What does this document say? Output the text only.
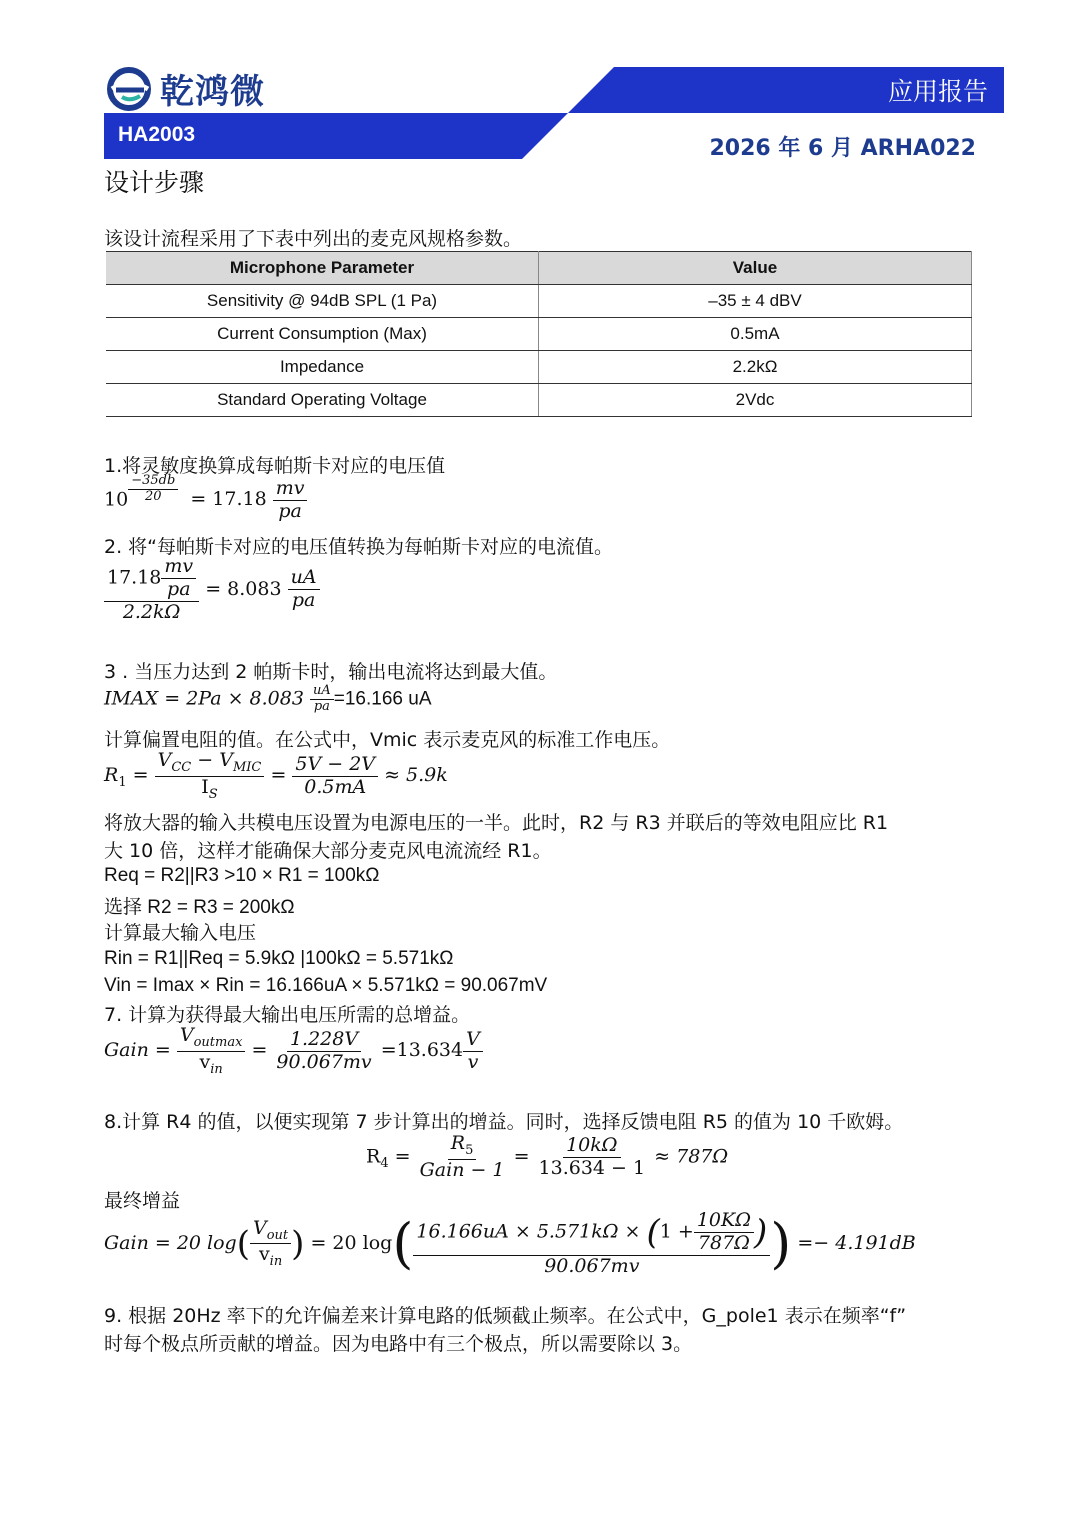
乾鸿微	应用报告
HA2003
2026 年 6 月 ARHA022
设计步骤
该设计流程采用了下表中列出的麦克风规格参数。
Microphone Parameter	Value
Sensitivity @ 94dB SPL (1 Pa)	–35 ± 4 dBV
Current Consumption (Max)	0.5mA
Impedance	2.2kΩ
Standard Operating Voltage	2Vdc
1.将灵敏度换算成每帕斯卡对应的电压值
$10 \frac{-35db}{20} = 17.18 \frac{mv}{pa}$
2. 将“每帕斯卡对应的电压值转换为每帕斯卡对应的电流值。
$\frac{17.18 \frac{mv}{pa}}{2.2k\Omega} = 8.083 \frac{uA}{pa}$
3 . 当压力达到 2 帕斯卡时，输出电流将达到最大值。
IMAX = $2Pa \times 8.083 \frac{uA}{pa} =16.166$ uA
计算偏置电阻的值。在公式中，Vmic 表示麦克风的标准工作电压。
$R_1 = \frac{V_{CC} - V_{MIC}}{I_S} = \frac{5V - 2V}{0.5mA} \approx 5.9k$
将放大器的输入共模电压设置为电源电压的一半。此时，R2 与 R3 并联后的等效电阻应比 R1
大 10 倍，这样才能确保大部分麦克风电流流经 R1。
Req = R2||R3 >10 × R1 = 100kΩ
选择 R2 = R3 = 200kΩ
计算最大输入电压
Rin = R1||Req = 5.9kΩ |100kΩ = 5.571kΩ
Vin = Imax × Rin = 16.166uA × 5.571kΩ = 90.067mV
7. 计算为获得最大输出电压所需的总增益。
Gain = $\frac{V_{outmax}}{v_{in}} = \frac{1.228V}{90.067mv} =13.634 \frac{V}{v}$
8.计算 R4 的值，以便实现第 7 步计算出的增益。同时，选择反馈电阻 R5 的值为 10 千欧姆。
$R_4 = \frac{R_5}{\text{Gain − 1}} = \frac{10k\Omega}{13.634 - 1} \approx 787\Omega$
最终增益
Gain = 20 $\log( \frac{V_{out}}{v_{in}}$ ) = 20 $\log( \frac{16.166uA \times 5.571k\Omega \times (1 + \frac{10K\Omega}{787\Omega} )}{90.067mv}$ ) =− 4.191dB
9. 根据 20Hz 率下的允许偏差来计算电路的低频截止频率。在公式中，G_pole1 表示在频率“f”
时每个极点所贡献的增益。因为电路中有三个极点，所以需要除以 3。
